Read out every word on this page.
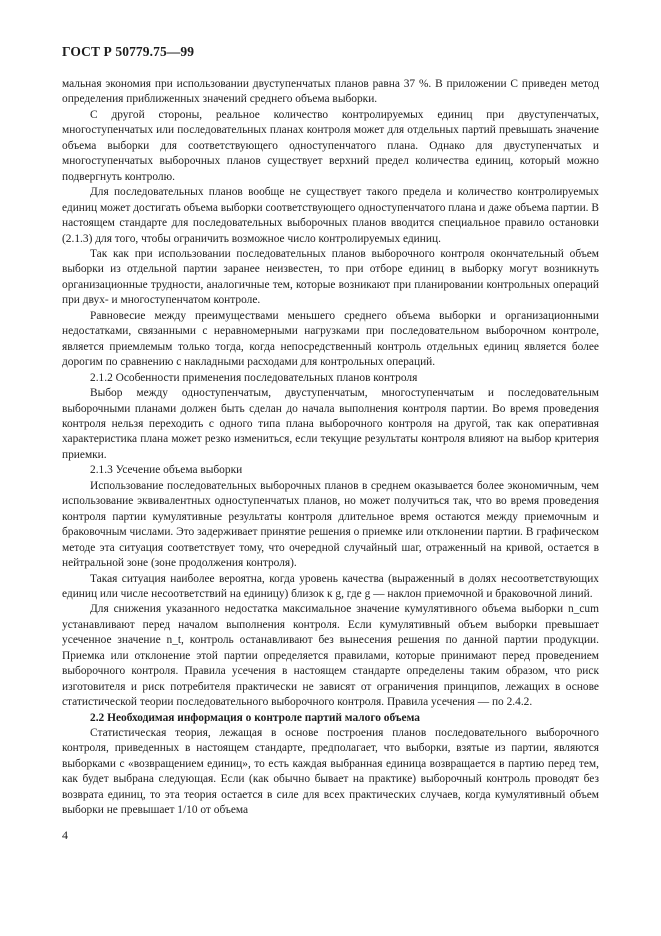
ГОСТ Р 50779.75—99

мальная экономия при использовании двуступенчатых планов равна 37 %. В приложении С приведен метод определения приближенных значений среднего объема выборки.

С другой стороны, реальное количество контролируемых единиц при двуступенчатых, многоступенчатых или последовательных планах контроля может для отдельных партий превышать значение объема выборки для соответствующего одноступенчатого плана. Однако для двуступенчатых и многоступенчатых выборочных планов существует верхний предел количества единиц, который можно подвергнуть контролю.

Для последовательных планов вообще не существует такого предела и количество контролируемых единиц может достигать объема выборки соответствующего одноступенчатого плана и даже объема партии. В настоящем стандарте для последовательных выборочных планов вводится специальное правило остановки (2.1.3) для того, чтобы ограничить возможное число контролируемых единиц.

Так как при использовании последовательных планов выборочного контроля окончательный объем выборки из отдельной партии заранее неизвестен, то при отборе единиц в выборку могут возникнуть организационные трудности, аналогичные тем, которые возникают при планировании контрольных операций при двух- и многоступенчатом контроле.

Равновесие между преимуществами меньшего среднего объема выборки и организационными недостатками, связанными с неравномерными нагрузками при последовательном выборочном контроле, является приемлемым только тогда, когда непосредственный контроль отдельных единиц является более дорогим по сравнению с накладными расходами для контрольных операций.

2.1.2 Особенности применения последовательных планов контроля

Выбор между одноступенчатым, двуступенчатым, многоступенчатым и последовательным выборочными планами должен быть сделан до начала выполнения контроля партии. Во время проведения контроля нельзя переходить с одного типа плана выборочного контроля на другой, так как оперативная характеристика плана может резко измениться, если текущие результаты контроля влияют на выбор критерия приемки.

2.1.3 Усечение объема выборки

Использование последовательных выборочных планов в среднем оказывается более экономичным, чем использование эквивалентных одноступенчатых планов, но может получиться так, что во время проведения контроля партии кумулятивные результаты контроля длительное время остаются между приемочным и браковочным числами. Это задерживает принятие решения о приемке или отклонении партии. В графическом методе эта ситуация соответствует тому, что очередной случайный шаг, отраженный на кривой, остается в нейтральной зоне (зоне продолжения контроля).

Такая ситуация наиболее вероятна, когда уровень качества (выраженный в долях несоответствующих единиц или числе несоответствий на единицу) близок к g, где g — наклон приемочной и браковочной линий.

Для снижения указанного недостатка максимальное значение кумулятивного объема выборки n_cum устанавливают перед началом выполнения контроля. Если кумулятивный объем выборки превышает усеченное значение n_t, контроль останавливают без вынесения решения по данной партии продукции. Приемка или отклонение этой партии определяется правилами, которые принимают перед проведением выборочного контроля. Правила усечения в настоящем стандарте определены таким образом, что риск изготовителя и риск потребителя практически не зависят от ограничения принципов, лежащих в основе статистической теории последовательного выборочного контроля. Правила усечения — по 2.4.2.

2.2 Необходимая информация о контроле партий малого объема

Статистическая теория, лежащая в основе построения планов последовательного выборочного контроля, приведенных в настоящем стандарте, предполагает, что выборки, взятые из партии, являются выборками с «возвращением единиц», то есть каждая выбранная единица возвращается в партию перед тем, как будет выбрана следующая. Если (как обычно бывает на практике) выборочный контроль проводят без возврата единиц, то эта теория остается в силе для всех практических случаев, когда кумулятивный объем выборки не превышает 1/10 от объема

4
